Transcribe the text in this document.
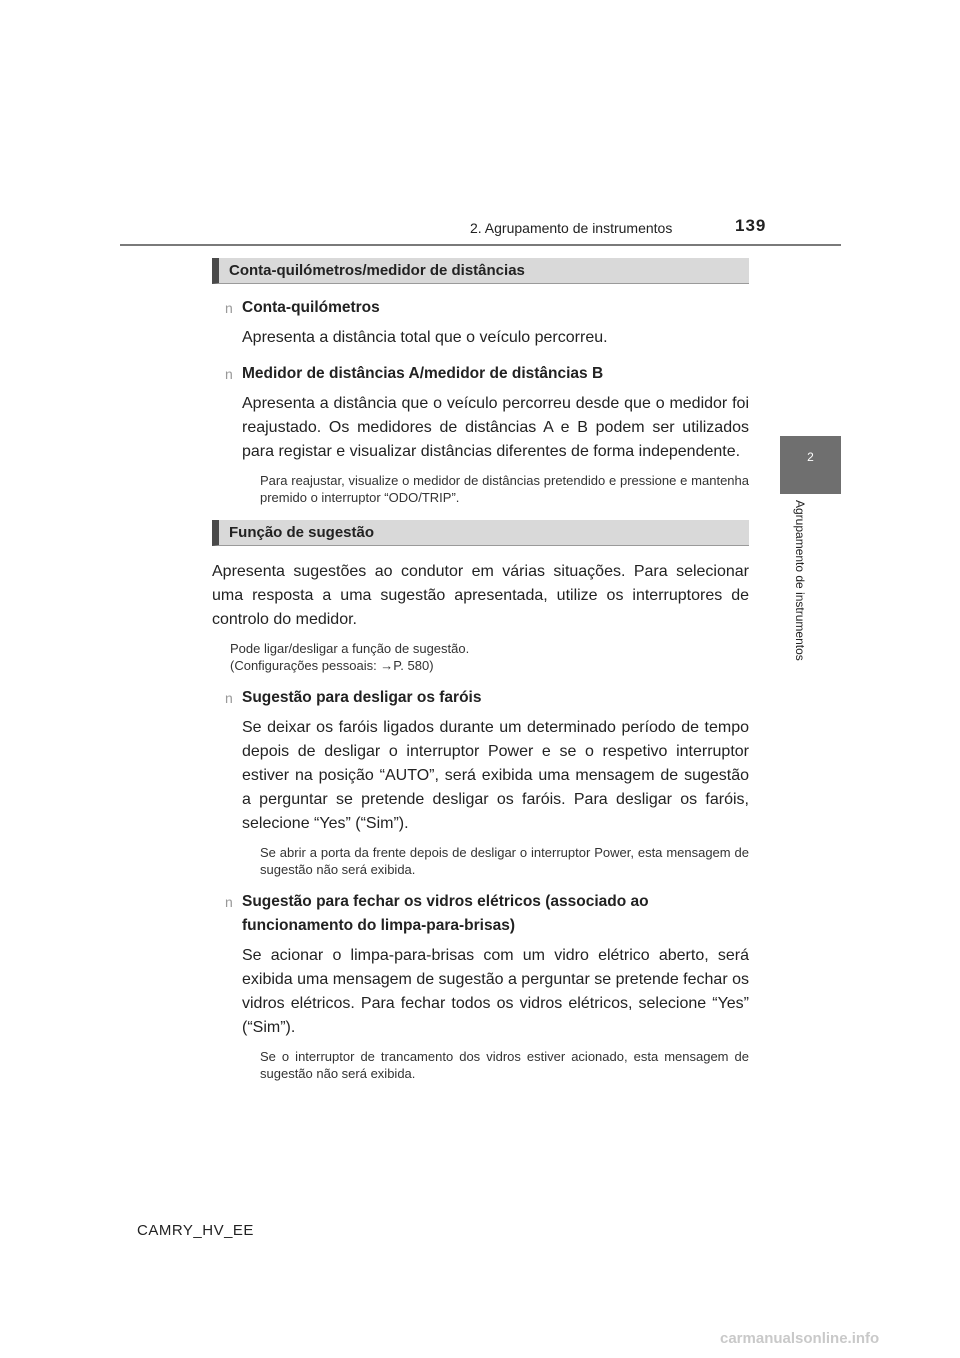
2. Agrupamento de instrumentos	139
2
Agrupamento de instrumentos
Conta-quilómetros/medidor de distâncias
n Conta-quilómetros
Apresenta a distância total que o veículo percorreu.
n Medidor de distâncias A/medidor de distâncias B
Apresenta a distância que o veículo percorreu desde que o medidor foi reajustado. Os medidores de distâncias A e B podem ser utilizados para registar e visualizar distâncias diferentes de forma independente.
Para reajustar, visualize o medidor de distâncias pretendido e pressione e mantenha premido o interruptor “ODO/TRIP”.
Função de sugestão
Apresenta sugestões ao condutor em várias situações. Para selecionar uma resposta a uma sugestão apresentada, utilize os interruptores de controlo do medidor.
Pode ligar/desligar a função de sugestão.
(Configurações pessoais: →P. 580)
n Sugestão para desligar os faróis
Se deixar os faróis ligados durante um determinado período de tempo depois de desligar o interruptor Power e se o respetivo interruptor estiver na posição “AUTO”, será exibida uma mensagem de sugestão a perguntar se pretende desligar os faróis. Para desligar os faróis, selecione “Yes” (“Sim”).
Se abrir a porta da frente depois de desligar o interruptor Power, esta mensagem de sugestão não será exibida.
n Sugestão para fechar os vidros elétricos (associado ao funcionamento do limpa-para-brisas)
Se acionar o limpa-para-brisas com um vidro elétrico aberto, será exibida uma mensagem de sugestão a perguntar se pretende fechar os vidros elétricos. Para fechar todos os vidros elétricos, selecione “Yes” (“Sim”).
Se o interruptor de trancamento dos vidros estiver acionado, esta mensagem de sugestão não será exibida.
CAMRY_HV_EE
carmanualsonline.info
